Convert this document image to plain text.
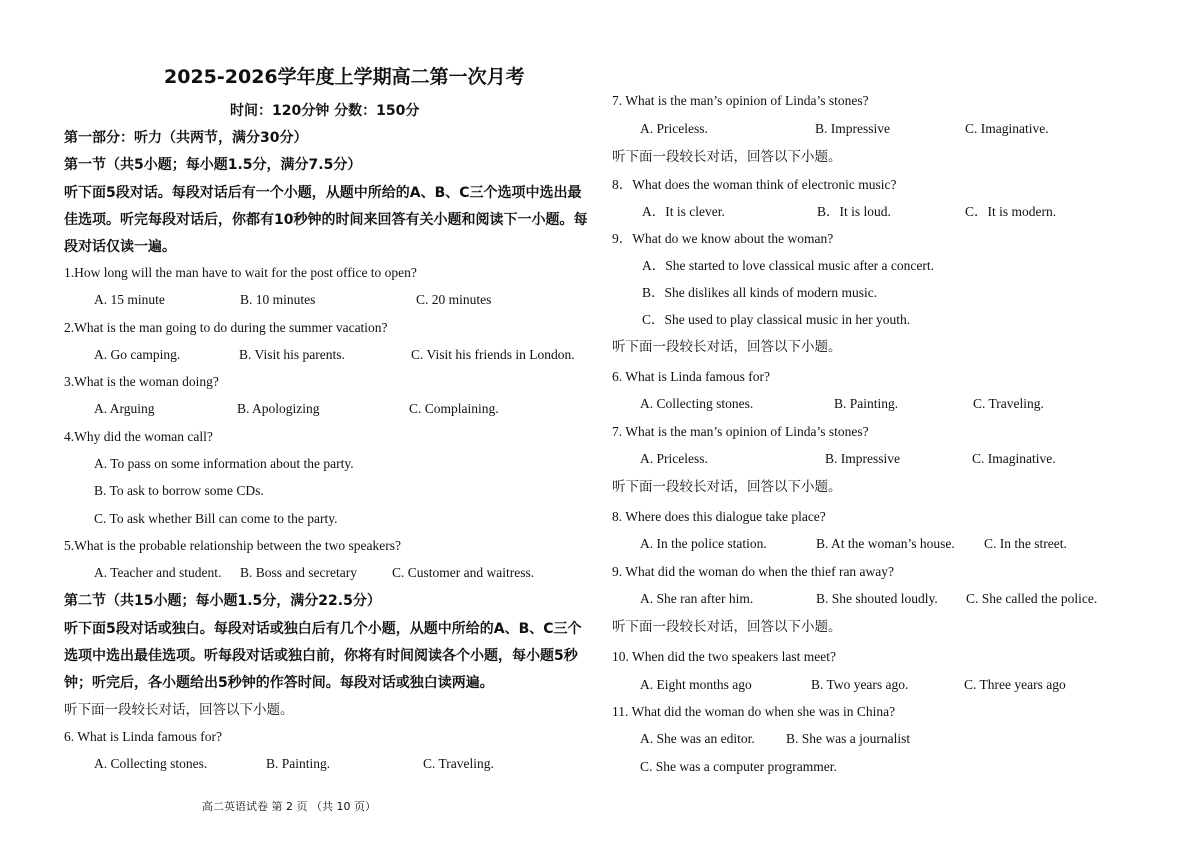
2025-2026学年度上学期高二第一次月考
时间：120分钟 分数：150分
第一部分：听力（共两节，满分30分）
第一节（共5小题；每小题1.5分，满分7.5分）
听下面5段对话。每段对话后有一个小题，从题中所给的A、B、C三个选项中选出最
佳选项。听完每段对话后，你都有10秒钟的时间来回答有关小题和阅读下一小题。每
段对话仅读一遍。
1.How long will the man have to wait for the post office to open?
A. 15 minute	B. 10 minutes	C. 20 minutes
2.What is the man going to do during the summer vacation?
A. Go camping.	B. Visit his parents.	C. Visit his friends in London.
3.What is the woman doing?
A. Arguing	B. Apologizing	C. Complaining.
4.Why did the woman call?
A. To pass on some information about the party.
B. To ask to borrow some CDs.
C. To ask whether Bill can come to the party.
5.What is the probable relationship between the two speakers?
A. Teacher and student. B. Boss and secretary	C. Customer and waitress.
第二节（共15小题；每小题1.5分，满分22.5分）
听下面5段对话或独白。每段对话或独白后有几个小题，从题中所给的A、B、C三个
选项中选出最佳选项。听每段对话或独白前，你将有时间阅读各个小题，每小题5秒
钟；听完后，各小题给出5秒钟的作答时间。每段对话或独白读两遍。
听下面一段较长对话，回答以下小题。
6. What is Linda famous for?
A. Collecting stones.	B. Painting.	C. Traveling.
高二英语试卷 第 2 页 （共 10 页）
7. What is the man’s opinion of Linda’s stones?
A. Priceless.	B. Impressive	C. Imaginative.
听下面一段较长对话，回答以下小题。
8．What does the woman think of electronic music?
A．It is clever.	B．It is loud.	C．It is modern.
9．What do we know about the woman?
A．She started to love classical music after a concert.
B．She dislikes all kinds of modern music.
C．She used to play classical music in her youth.
听下面一段较长对话，回答以下小题。
6. What is Linda famous for?
A. Collecting stones.	B. Painting.	C. Traveling.
7. What is the man’s opinion of Linda’s stones?
A. Priceless.	B. Impressive	C. Imaginative.
听下面一段较长对话，回答以下小题。
8. Where does this dialogue take place?
A. In the police station.	B. At the woman’s house. C. In the street.
9. What did the woman do when the thief ran away?
A. She ran after him.	B. She shouted loudly. C. She called the police.
听下面一段较长对话，回答以下小题。
10. When did the two speakers last meet?
A. Eight months ago	B. Two years ago.	C. Three years ago
11. What did the woman do when she was in China?
A. She was an editor. B. She was a journalist
C. She was a computer programmer.
